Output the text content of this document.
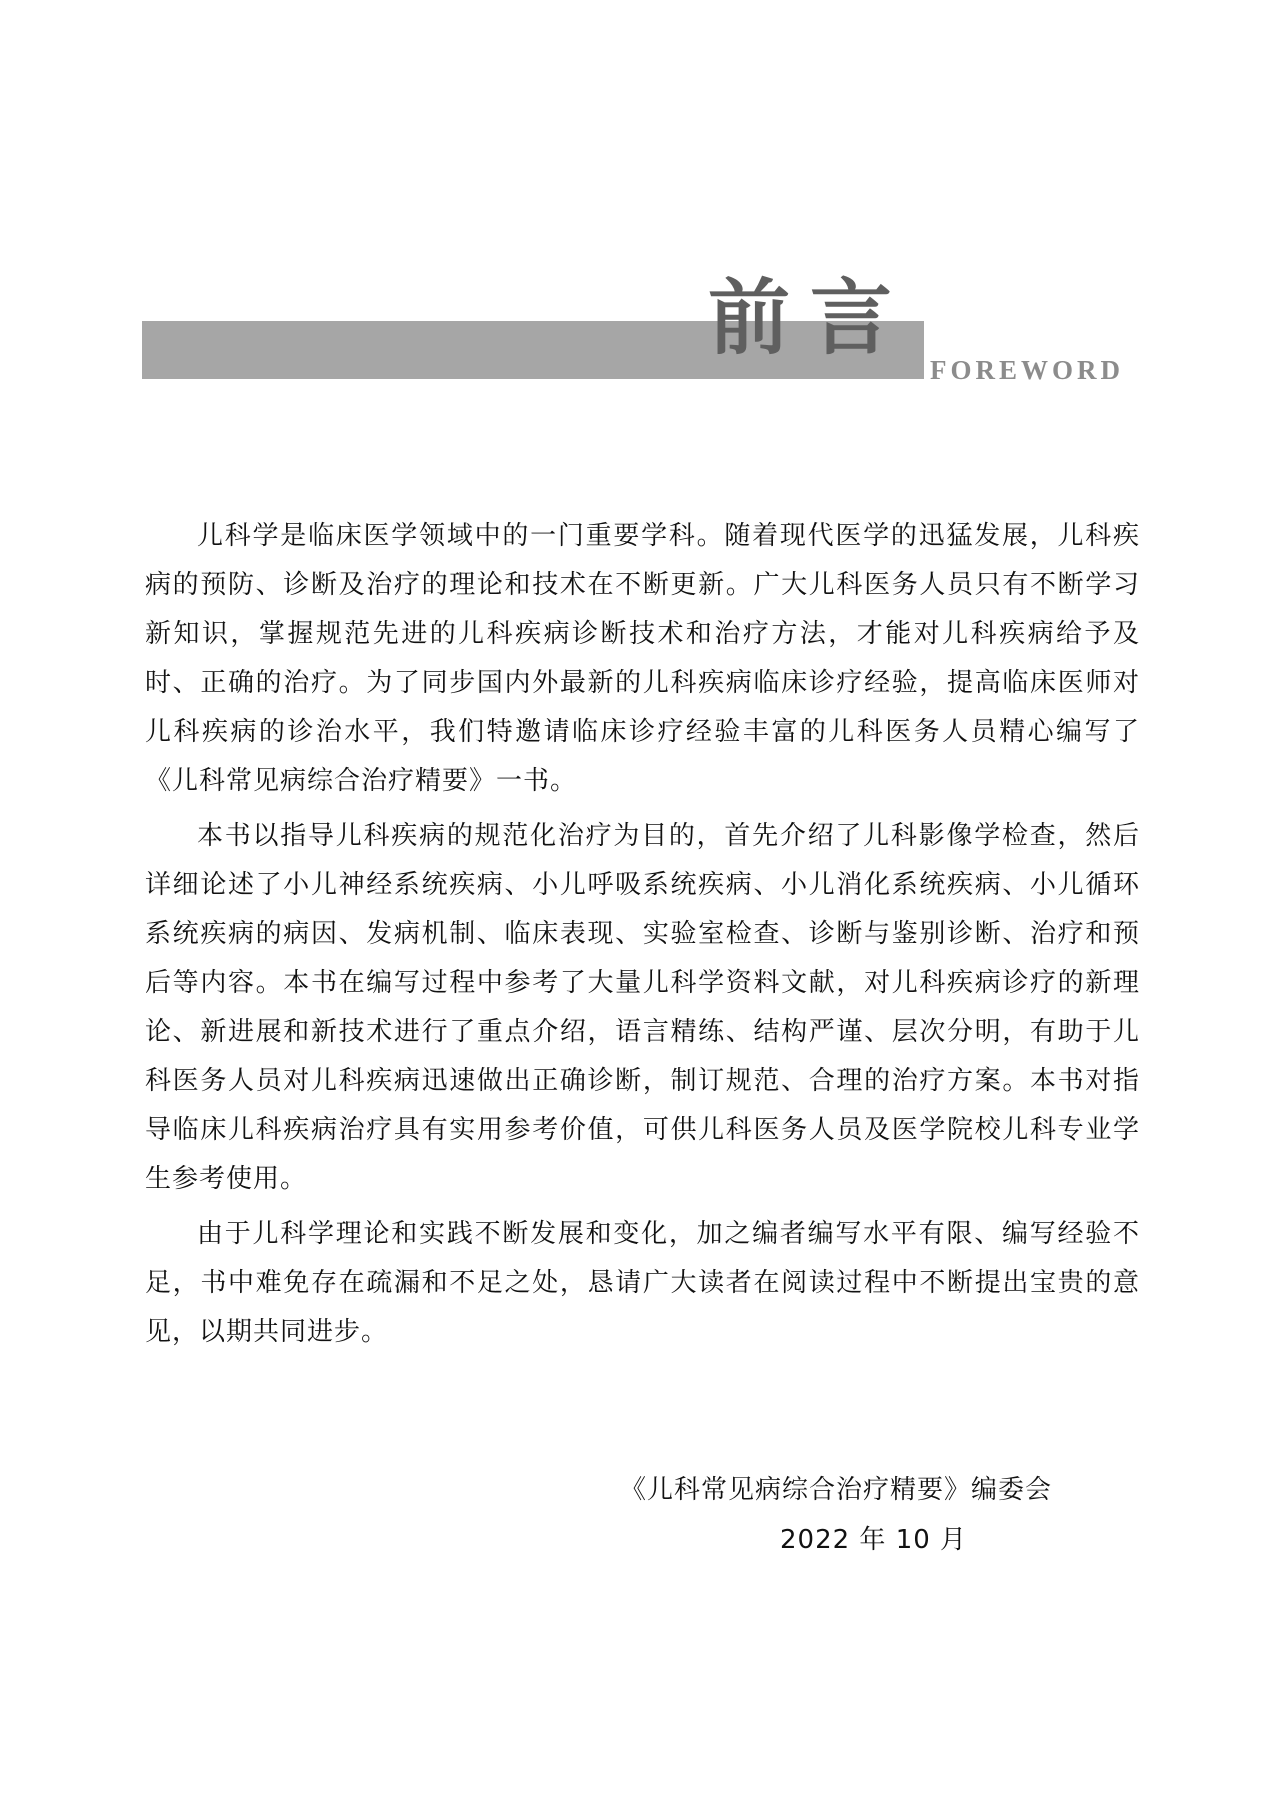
前言
FOREWORD

儿科学是临床医学领域中的一门重要学科。随着现代医学的迅猛发展，儿科疾病的预防、诊断及治疗的理论和技术在不断更新。广大儿科医务人员只有不断学习新知识，掌握规范先进的儿科疾病诊断技术和治疗方法，才能对儿科疾病给予及时、正确的治疗。为了同步国内外最新的儿科疾病临床诊疗经验，提高临床医师对儿科疾病的诊治水平，我们特邀请临床诊疗经验丰富的儿科医务人员精心编写了《儿科常见病综合治疗精要》一书。

本书以指导儿科疾病的规范化治疗为目的，首先介绍了儿科影像学检查，然后详细论述了小儿神经系统疾病、小儿呼吸系统疾病、小儿消化系统疾病、小儿循环系统疾病的病因、发病机制、临床表现、实验室检查、诊断与鉴别诊断、治疗和预后等内容。本书在编写过程中参考了大量儿科学资料文献，对儿科疾病诊疗的新理论、新进展和新技术进行了重点介绍，语言精练、结构严谨、层次分明，有助于儿科医务人员对儿科疾病迅速做出正确诊断，制订规范、合理的治疗方案。本书对指导临床儿科疾病治疗具有实用参考价值，可供儿科医务人员及医学院校儿科专业学生参考使用。

由于儿科学理论和实践不断发展和变化，加之编者编写水平有限、编写经验不足，书中难免存在疏漏和不足之处，恳请广大读者在阅读过程中不断提出宝贵的意见，以期共同进步。

《儿科常见病综合治疗精要》编委会
2022 年 10 月
